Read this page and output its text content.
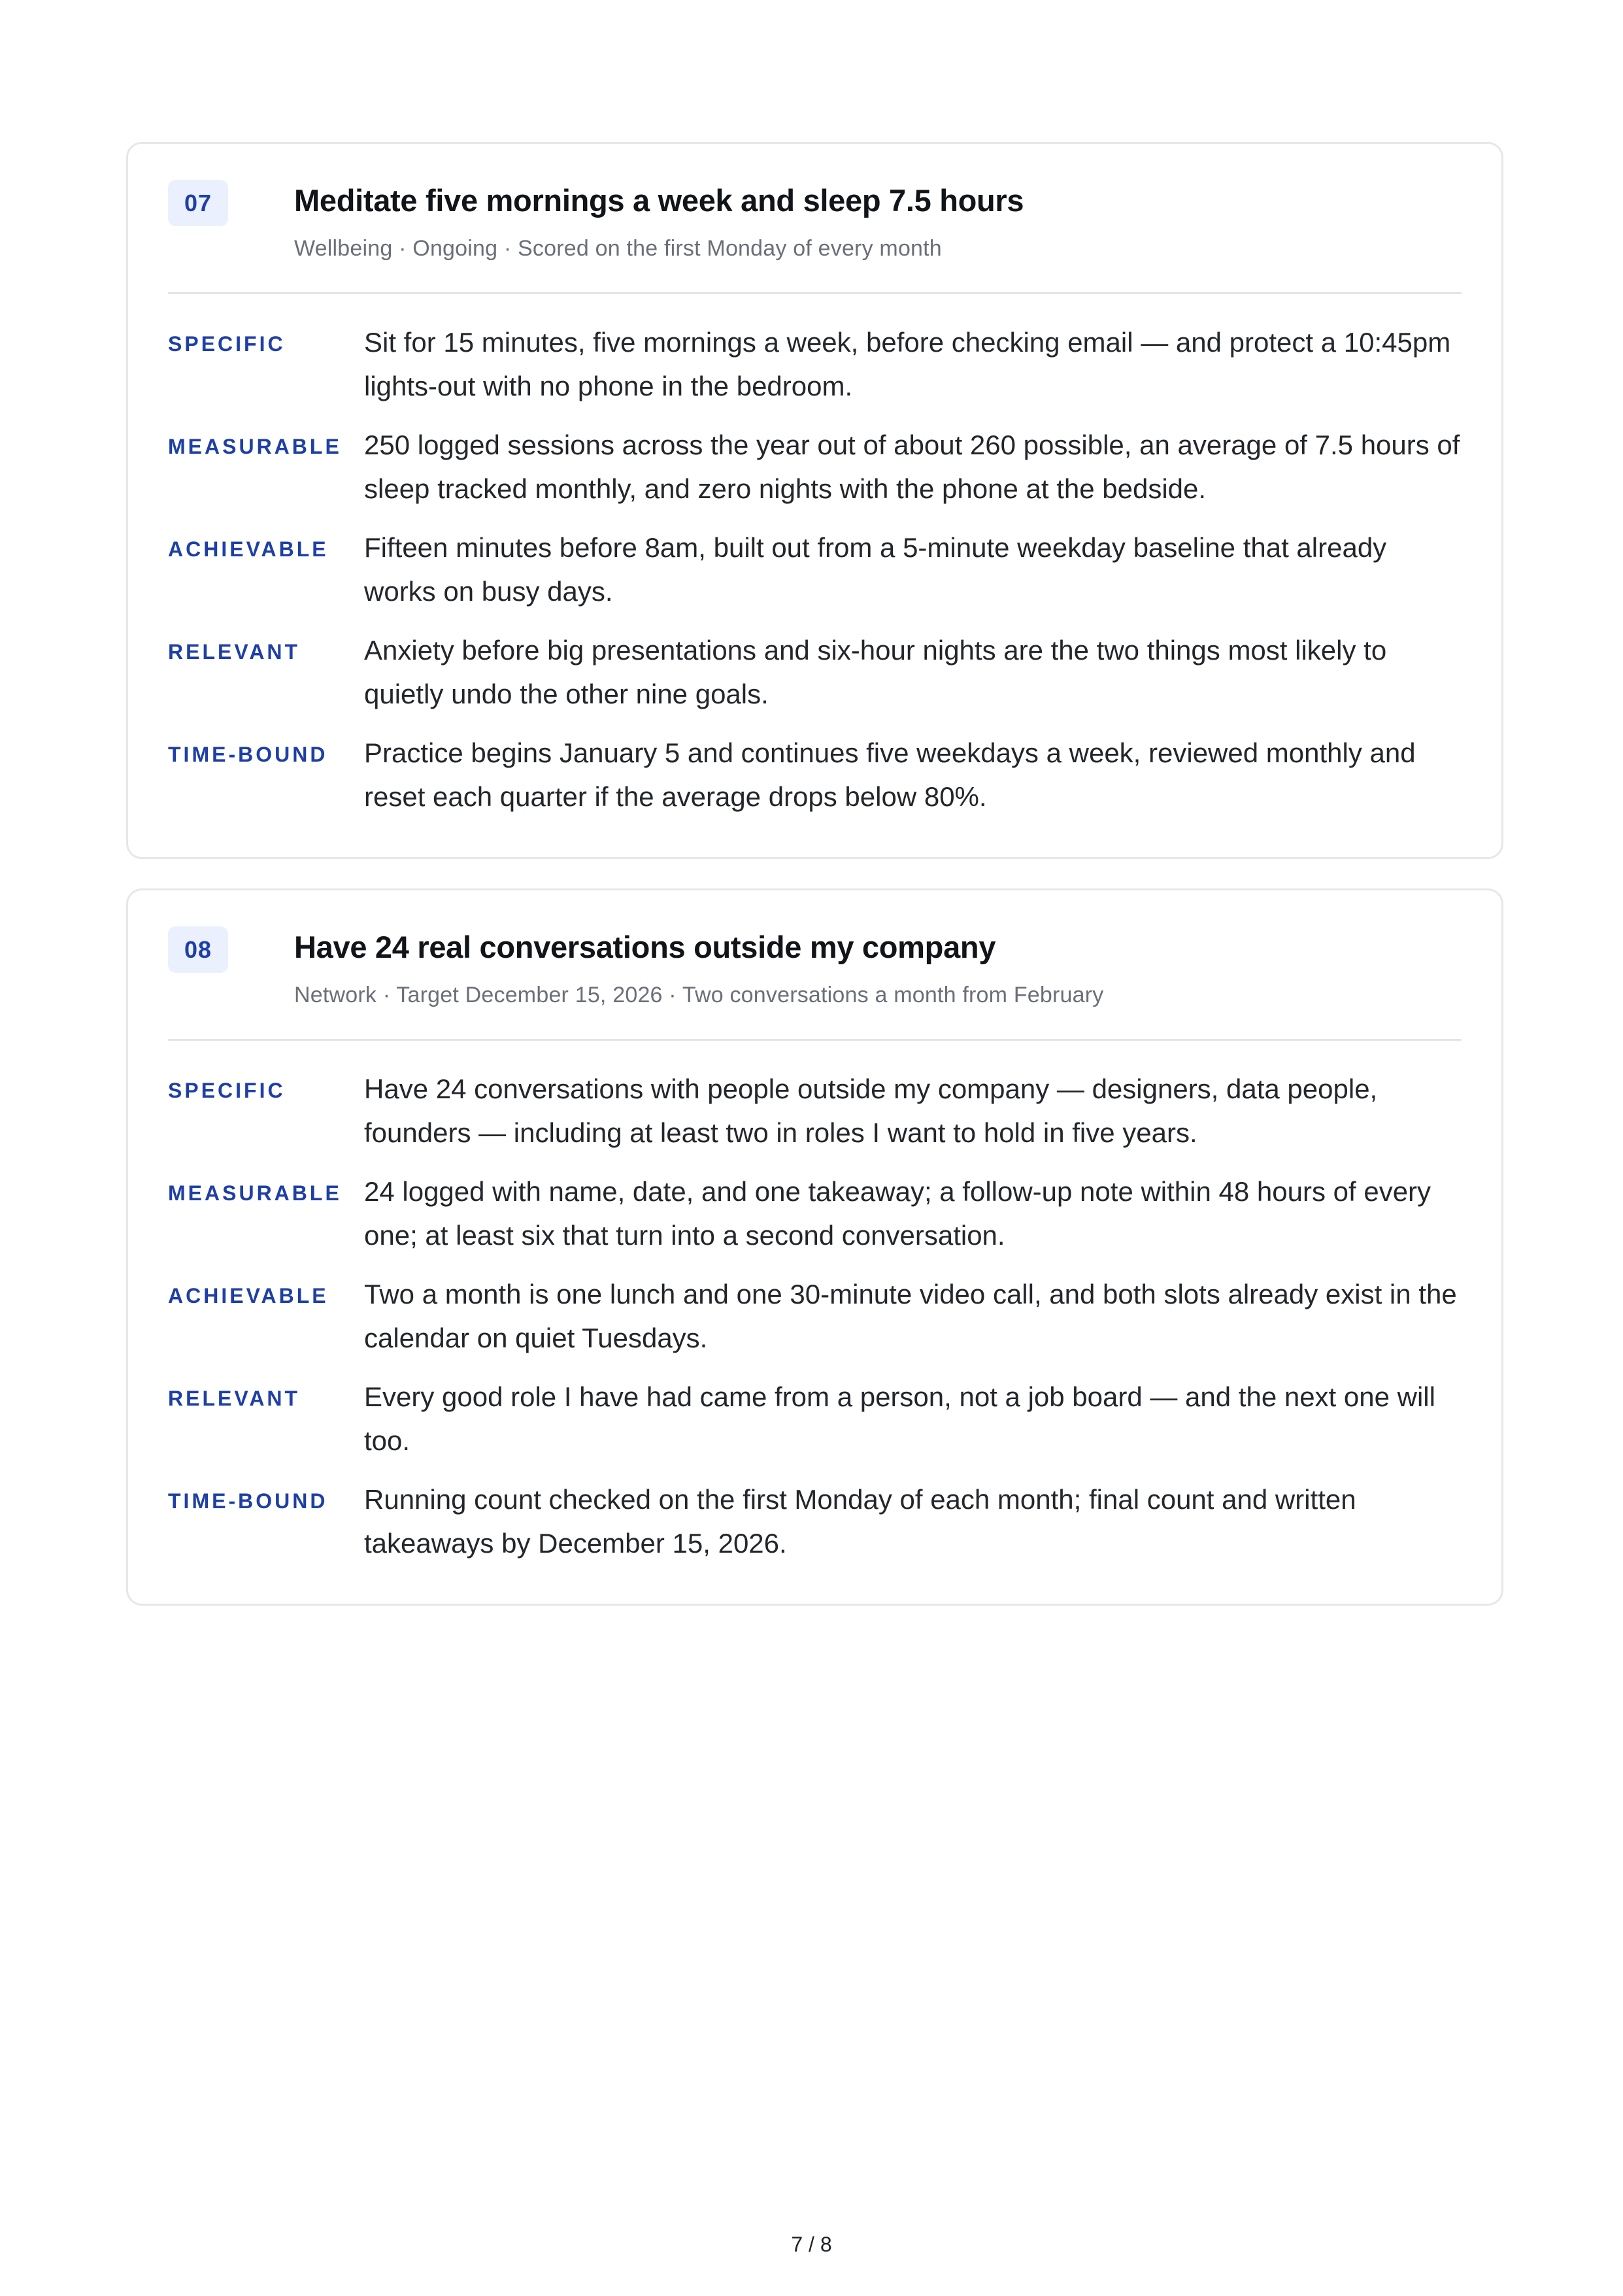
07	Meditate five mornings a week and sleep 7.5 hours
Wellbeing · Ongoing · Scored on the first Monday of every month
SPECIFIC	Sit for 15 minutes, five mornings a week, before checking email — and protect a 10:45pm lights-out with no phone in the bedroom.
MEASURABLE 250 logged sessions across the year out of about 260 possible, an average of 7.5 hours of sleep tracked monthly, and zero nights with the phone at the bedside.
ACHIEVABLE Fifteen minutes before 8am, built out from a 5-minute weekday baseline that already works on busy days.
RELEVANT Anxiety before big presentations and six-hour nights are the two things most likely to quietly undo the other nine goals.
TIME-BOUND Practice begins January 5 and continues five weekdays a week, reviewed monthly and reset each quarter if the average drops below 80%.
08	Have 24 real conversations outside my company
Network · Target December 15, 2026 · Two conversations a month from February
SPECIFIC	Have 24 conversations with people outside my company — designers, data people, founders — including at least two in roles I want to hold in five years.
MEASURABLE 24 logged with name, date, and one takeaway; a follow-up note within 48 hours of every one; at least six that turn into a second conversation.
ACHIEVABLE Two a month is one lunch and one 30-minute video call, and both slots already exist in the calendar on quiet Tuesdays.
RELEVANT Every good role I have had came from a person, not a job board — and the next one will too.
TIME-BOUND Running count checked on the first Monday of each month; final count and written takeaways by December 15, 2026.
7 / 8
